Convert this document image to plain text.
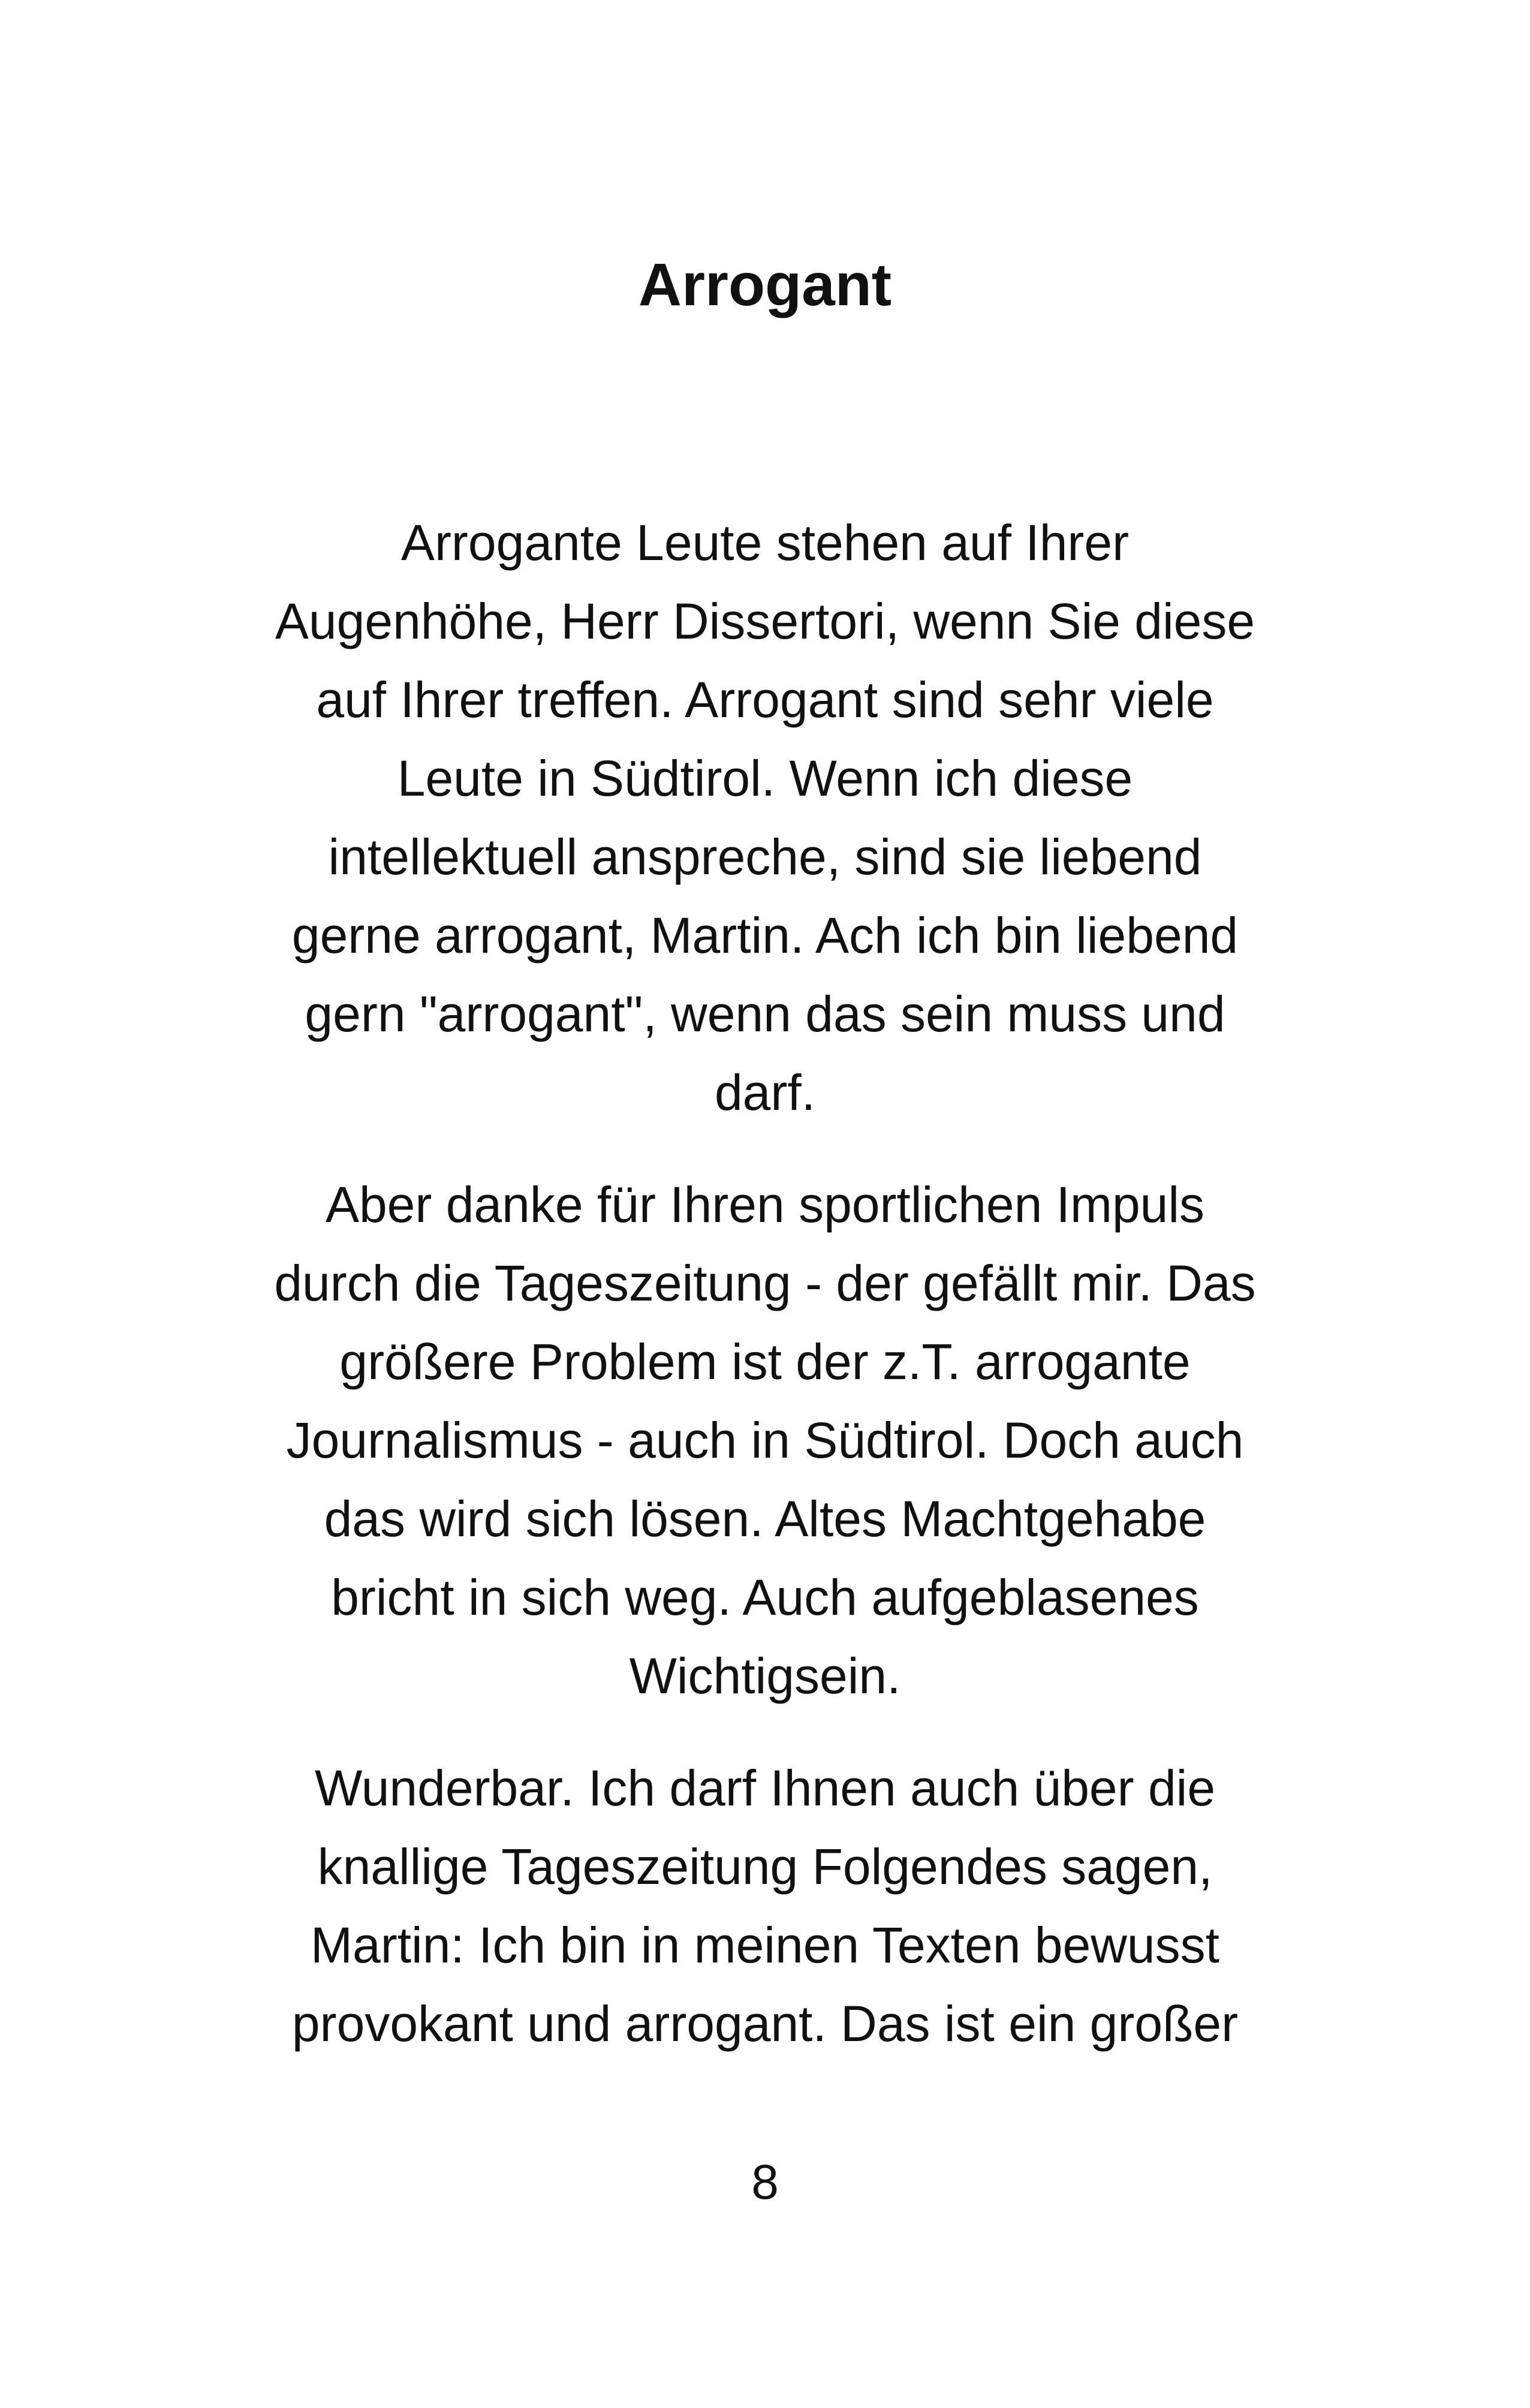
Arrogant

Arrogante Leute stehen auf Ihrer
Augenhöhe, Herr Dissertori, wenn Sie diese
auf Ihrer treffen. Arrogant sind sehr viele
Leute in Südtirol. Wenn ich diese
intellektuell anspreche, sind sie liebend
gerne arrogant, Martin. Ach ich bin liebend
gern "arrogant", wenn das sein muss und
darf.

Aber danke für Ihren sportlichen Impuls
durch die Tageszeitung - der gefällt mir. Das
größere Problem ist der z.T. arrogante
Journalismus - auch in Südtirol. Doch auch
das wird sich lösen. Altes Machtgehabe
bricht in sich weg. Auch aufgeblasenes
Wichtigsein.

Wunderbar. Ich darf Ihnen auch über die
knallige Tageszeitung Folgendes sagen,
Martin: Ich bin in meinen Texten bewusst
provokant und arrogant. Das ist ein großer

8
